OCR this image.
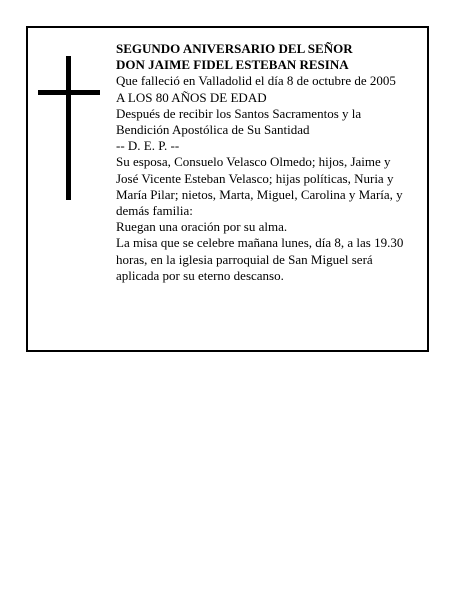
SEGUNDO ANIVERSARIO DEL SEÑOR
DON JAIME FIDEL ESTEBAN RESINA
Que falleció en Valladolid el día 8 de octubre de 2005
A LOS 80 AÑOS DE EDAD
Después de recibir los Santos Sacramentos y la
Bendición Apostólica de Su Santidad
-- D. E. P. --
Su esposa, Consuelo Velasco Olmedo; hijos, Jaime y
José Vicente Esteban Velasco; hijas políticas, Nuria y
María Pilar; nietos, Marta, Miguel, Carolina y María, y
demás familia:
Ruegan una oración por su alma.
La misa que se celebre mañana lunes, día 8, a las 19.30
horas, en la iglesia parroquial de San Miguel será
aplicada por su eterno descanso.
